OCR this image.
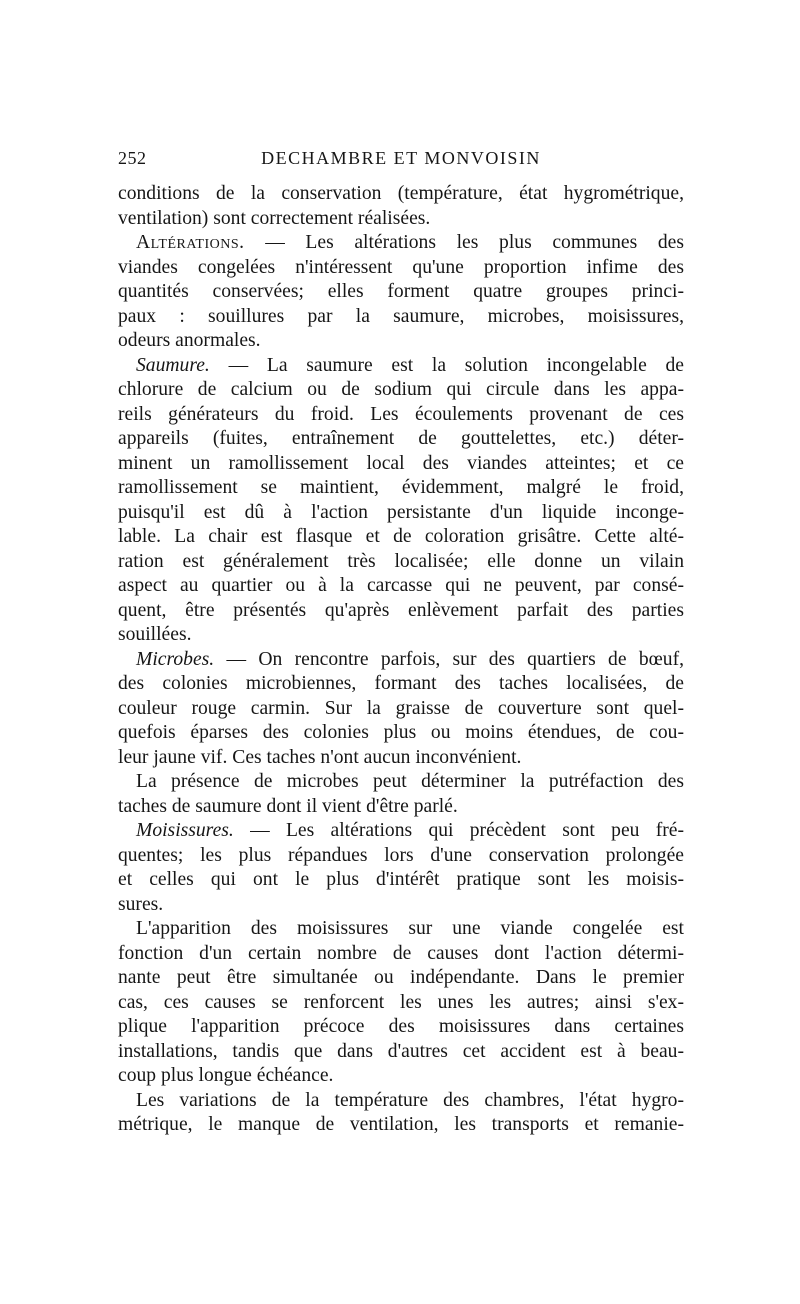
252	DECHAMBRE ET MONVOISIN
conditions de la conservation (température, état hygrométrique,
ventilation) sont correctement réalisées.
Altérations. — Les altérations les plus communes des
viandes congelées n'intéressent qu'une proportion infime des
quantités conservées; elles forment quatre groupes princi-
paux : souillures par la saumure, microbes, moisissures,
odeurs anormales.
Saumure. — La saumure est la solution incongelable de
chlorure de calcium ou de sodium qui circule dans les appa-
reils générateurs du froid. Les écoulements provenant de ces
appareils (fuites, entraînement de gouttelettes, etc.) déter-
minent un ramollissement local des viandes atteintes; et ce
ramollissement se maintient, évidemment, malgré le froid,
puisqu'il est dû à l'action persistante d'un liquide inconge-
lable. La chair est flasque et de coloration grisâtre. Cette alté-
ration est généralement très localisée; elle donne un vilain
aspect au quartier ou à la carcasse qui ne peuvent, par consé-
quent, être présentés qu'après enlèvement parfait des parties
souillées.
Microbes. — On rencontre parfois, sur des quartiers de bœuf,
des colonies microbiennes, formant des taches localisées, de
couleur rouge carmin. Sur la graisse de couverture sont quel-
quefois éparses des colonies plus ou moins étendues, de cou-
leur jaune vif. Ces taches n'ont aucun inconvénient.
La présence de microbes peut déterminer la putréfaction des
taches de saumure dont il vient d'être parlé.
Moisissures. — Les altérations qui précèdent sont peu fré-
quentes; les plus répandues lors d'une conservation prolongée
et celles qui ont le plus d'intérêt pratique sont les moisis-
sures.
L'apparition des moisissures sur une viande congelée est
fonction d'un certain nombre de causes dont l'action détermi-
nante peut être simultanée ou indépendante. Dans le premier
cas, ces causes se renforcent les unes les autres; ainsi s'ex-
plique l'apparition précoce des moisissures dans certaines
installations, tandis que dans d'autres cet accident est à beau-
coup plus longue échéance.
Les variations de la température des chambres, l'état hygro-
métrique, le manque de ventilation, les transports et remanie-
